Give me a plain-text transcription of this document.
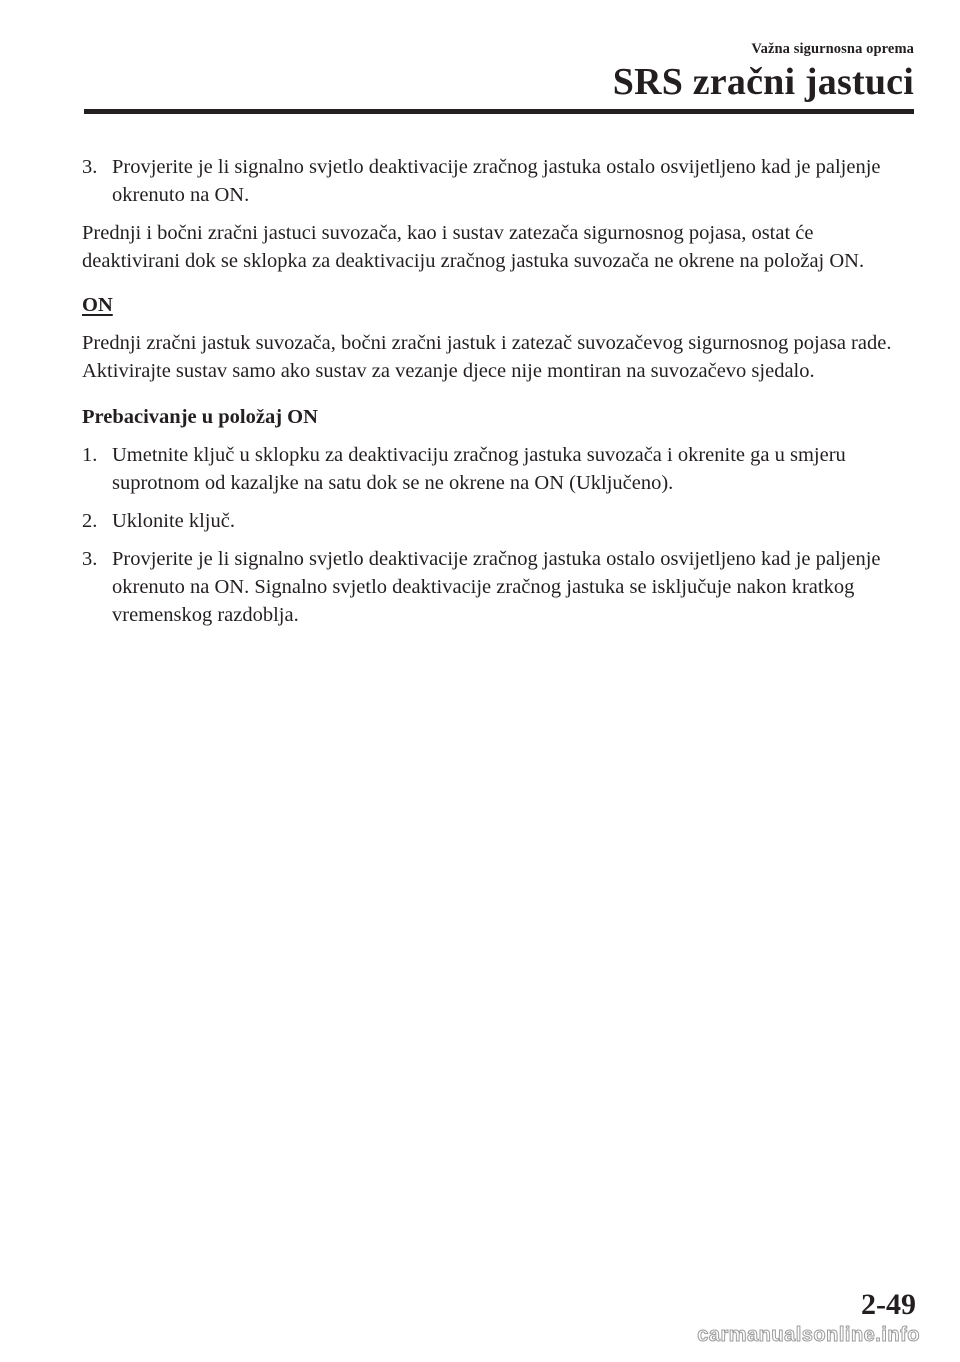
Važna sigurnosna oprema
SRS zračni jastuci
3. Provjerite je li signalno svjetlo deaktivacije zračnog jastuka ostalo osvijetljeno kad je paljenje okrenuto na ON.

Prednji i bočni zračni jastuci suvozača, kao i sustav zatezača sigurnosnog pojasa, ostat će deaktivirani dok se sklopka za deaktivaciju zračnog jastuka suvozača ne okrene na položaj ON.

ON

Prednji zračni jastuk suvozača, bočni zračni jastuk i zatezač suvozačevog sigurnosnog pojasa rade. Aktivirajte sustav samo ako sustav za vezanje djece nije montiran na suvozačevo sjedalo.

Prebacivanje u položaj ON
1. Umetnite ključ u sklopku za deaktivaciju zračnog jastuka suvozača i okrenite ga u smjeru suprotnom od kazaljke na satu dok se ne okrene na ON (Uključeno).
2. Uklonite ključ.
3. Provjerite je li signalno svjetlo deaktivacije zračnog jastuka ostalo osvijetljeno kad je paljenje okrenuto na ON. Signalno svjetlo deaktivacije zračnog jastuka se isključuje nakon kratkog vremenskog razdoblja.
2-49
carmanualsonline.info
